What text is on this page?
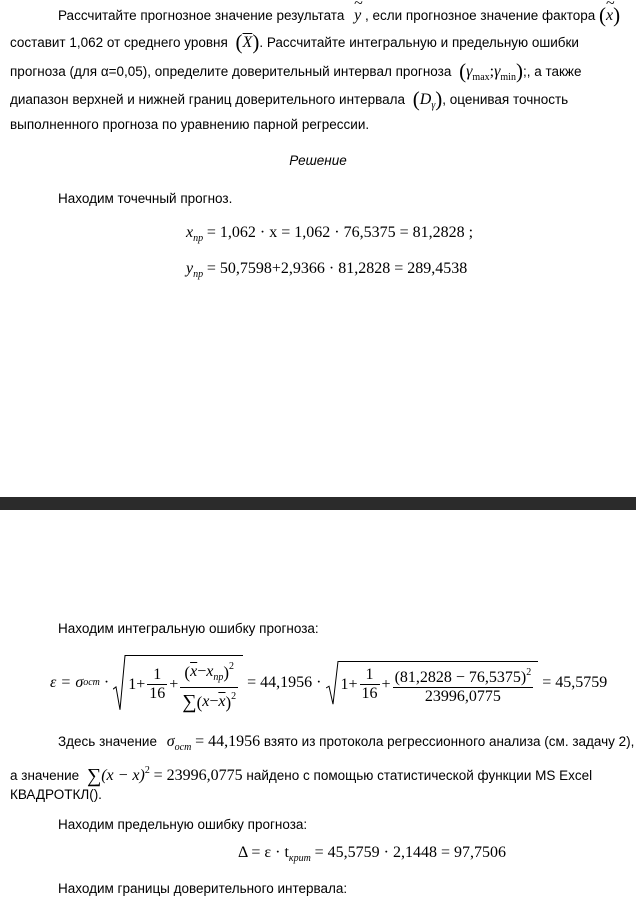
Рассчитайте прогнозное значение результата
~
y , если прогнозное значение фактора ( ~
x)
составит 1,062 от среднего уровня $(\overline{X})$. Рассчитайте интегральную и предельную ошибки
прогноза (для α=0,05), определите доверительный интервал прогноза $(\gamma_{max};\gamma_{min})$;, а также
диапазон верхней и нижней границ доверительного интервала $(D_\gamma)$, оценивая точность
выполненного прогноза по уравнению парной регрессии.
Решение
Находим точечный прогноз.
$x_{пр} = 1,062 \cdot x = 1,062 \cdot 76,5375 = 81,2828$ ;
$y_{пр} = 50,7598+2,9366 \cdot 81,2828 = 289,4538$
Находим интегральную ошибку прогноза:
ε = σ ост · $1+ \frac{1}{16} + \frac{(\overline{x}-x_{пр})^2}{\sum(x-\overline{x})^2} = 44,1956 \cdot 1+ \frac{1}{16} + \frac{(81,2828 - 76,5375)^2}{23996,0775} = 45,5759$
Здесь значение $\sigma_{ост} = 44,1956$ взято из протокола регрессионного анализа (см. задачу 2),
а значение $\sum(x - x)^2 = 23996,0775$ найдено с помощью статистической функции MS Excel
КВАДРОТКЛ().
Находим предельную ошибку прогноза:
$\Delta = \varepsilon \cdot t_{крит} = 45,5759 \cdot 2,1448 = 97,7506$
Находим границы доверительного интервала:
